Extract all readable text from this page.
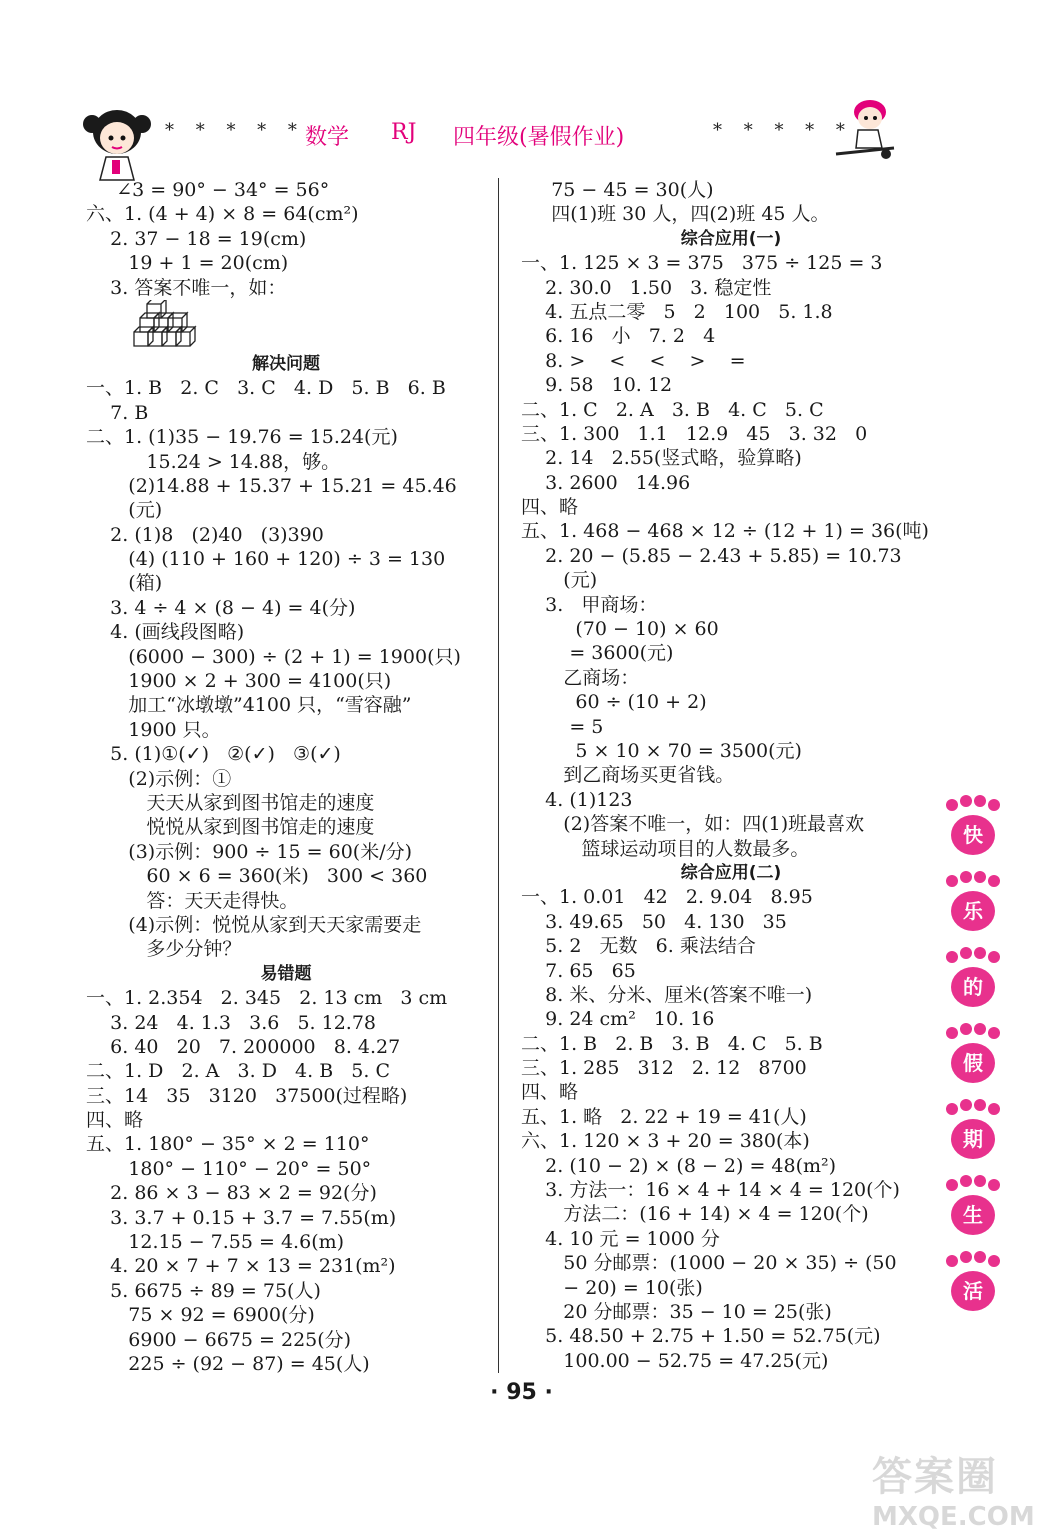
* * * * * 数学 RJ 四年级(暑假作业)	* * * * *
∠3 = 90° − 34° = 56°
六、1. (4 + 4) × 8 = 64(cm²)
2. 37 − 18 = 19(cm)
19 + 1 = 20(cm)
3. 答案不唯一，如：
解决问题
一、1. B   2. C   3. C   4. D   5. B   6. B
7. B
二、1. (1)35 − 19.76 = 15.24(元)
15.24 > 14.88，够。
(2)14.88 + 15.37 + 15.21 = 45.46
(元)
2. (1)8   (2)40   (3)390
(4) (110 + 160 + 120) ÷ 3 = 130
(箱)
3. 4 ÷ 4 × (8 − 4) = 4(分)
4. (画线段图略)
(6000 − 300) ÷ (2 + 1) = 1900(只)
1900 × 2 + 300 = 4100(只)
加工“冰墩墩”4100 只，“雪容融”
1900 只。
5. (1)①(✓)   ②(✓)   ③(✓)
(2)示例：①
天天从家到图书馆走的速度
悦悦从家到图书馆走的速度
(3)示例：900 ÷ 15 = 60(米/分)
60 × 6 = 360(米)   300 < 360
答：天天走得快。
(4)示例：悦悦从家到天天家需要走
多少分钟？
易错题
一、1. 2.354   2. 345   2. 13 cm   3 cm
3. 24   4. 1.3   3.6   5. 12.78
6. 40   20   7. 200000   8. 4.27
二、1. D   2. A   3. D   4. B   5. C
三、14   35   3120   37500(过程略)
四、略
五、1. 180° − 35° × 2 = 110°
180° − 110° − 20° = 50°
2. 86 × 3 − 83 × 2 = 92(分)
3. 3.7 + 0.15 + 3.7 = 7.55(m)
12.15 − 7.55 = 4.6(m)
4. 20 × 7 + 7 × 13 = 231(m²)
5. 6675 ÷ 89 = 75(人)
75 × 92 = 6900(分)
6900 − 6675 = 225(分)
225 ÷ (92 − 87) = 45(人)
75 − 45 = 30(人)
四(1)班 30 人，四(2)班 45 人。
综合应用(一)
一、1. 125 × 3 = 375   375 ÷ 125 = 3
2. 30.0   1.50   3. 稳定性
4. 五点二零   5   2   100   5. 1.8
6. 16   小   7. 2   4
8. >    <    <    >    =
9. 58   10. 12
二、1. C   2. A   3. B   4. C   5. C
三、1. 300   1.1   12.9   45   3. 32   0
2. 14   2.55(竖式略，验算略)
3. 2600   14.96
四、略
五、1. 468 − 468 × 12 ÷ (12 + 1) = 36(吨)
2. 20 − (5.85 − 2.43 + 5.85) = 10.73
(元)
3.   甲商场：
(70 − 10) × 60
= 3600(元)
乙商场：
60 ÷ (10 + 2)
= 5
5 × 10 × 70 = 3500(元)
到乙商场买更省钱。
4. (1)123
(2)答案不唯一，如：四(1)班最喜欢
篮球运动项目的人数最多。
综合应用(二)
一、1. 0.01   42   2. 9.04   8.95
3. 49.65   50   4. 130   35
5. 2   无数   6. 乘法结合
7. 65   65
8. 米、分米、厘米(答案不唯一)
9. 24 cm²   10. 16
二、1. B   2. B   3. B   4. C   5. B
三、1. 285   312   2. 12   8700
四、略
五、1. 略   2. 22 + 19 = 41(人)
六、1. 120 × 3 + 20 = 380(本)
2. (10 − 2) × (8 − 2) = 48(m²)
3. 方法一：16 × 4 + 14 × 4 = 120(个)
方法二：(16 + 14) × 4 = 120(个)
4. 10 元 = 1000 分
50 分邮票：(1000 − 20 × 35) ÷ (50
− 20) = 10(张)
20 分邮票：35 − 10 = 25(张)
5. 48.50 + 2.75 + 1.50 = 52.75(元)
100.00 − 52.75 = 47.25(元)
快
乐
的
假
期
生
活
· 95 ·
答案圈
MXQE.COM
